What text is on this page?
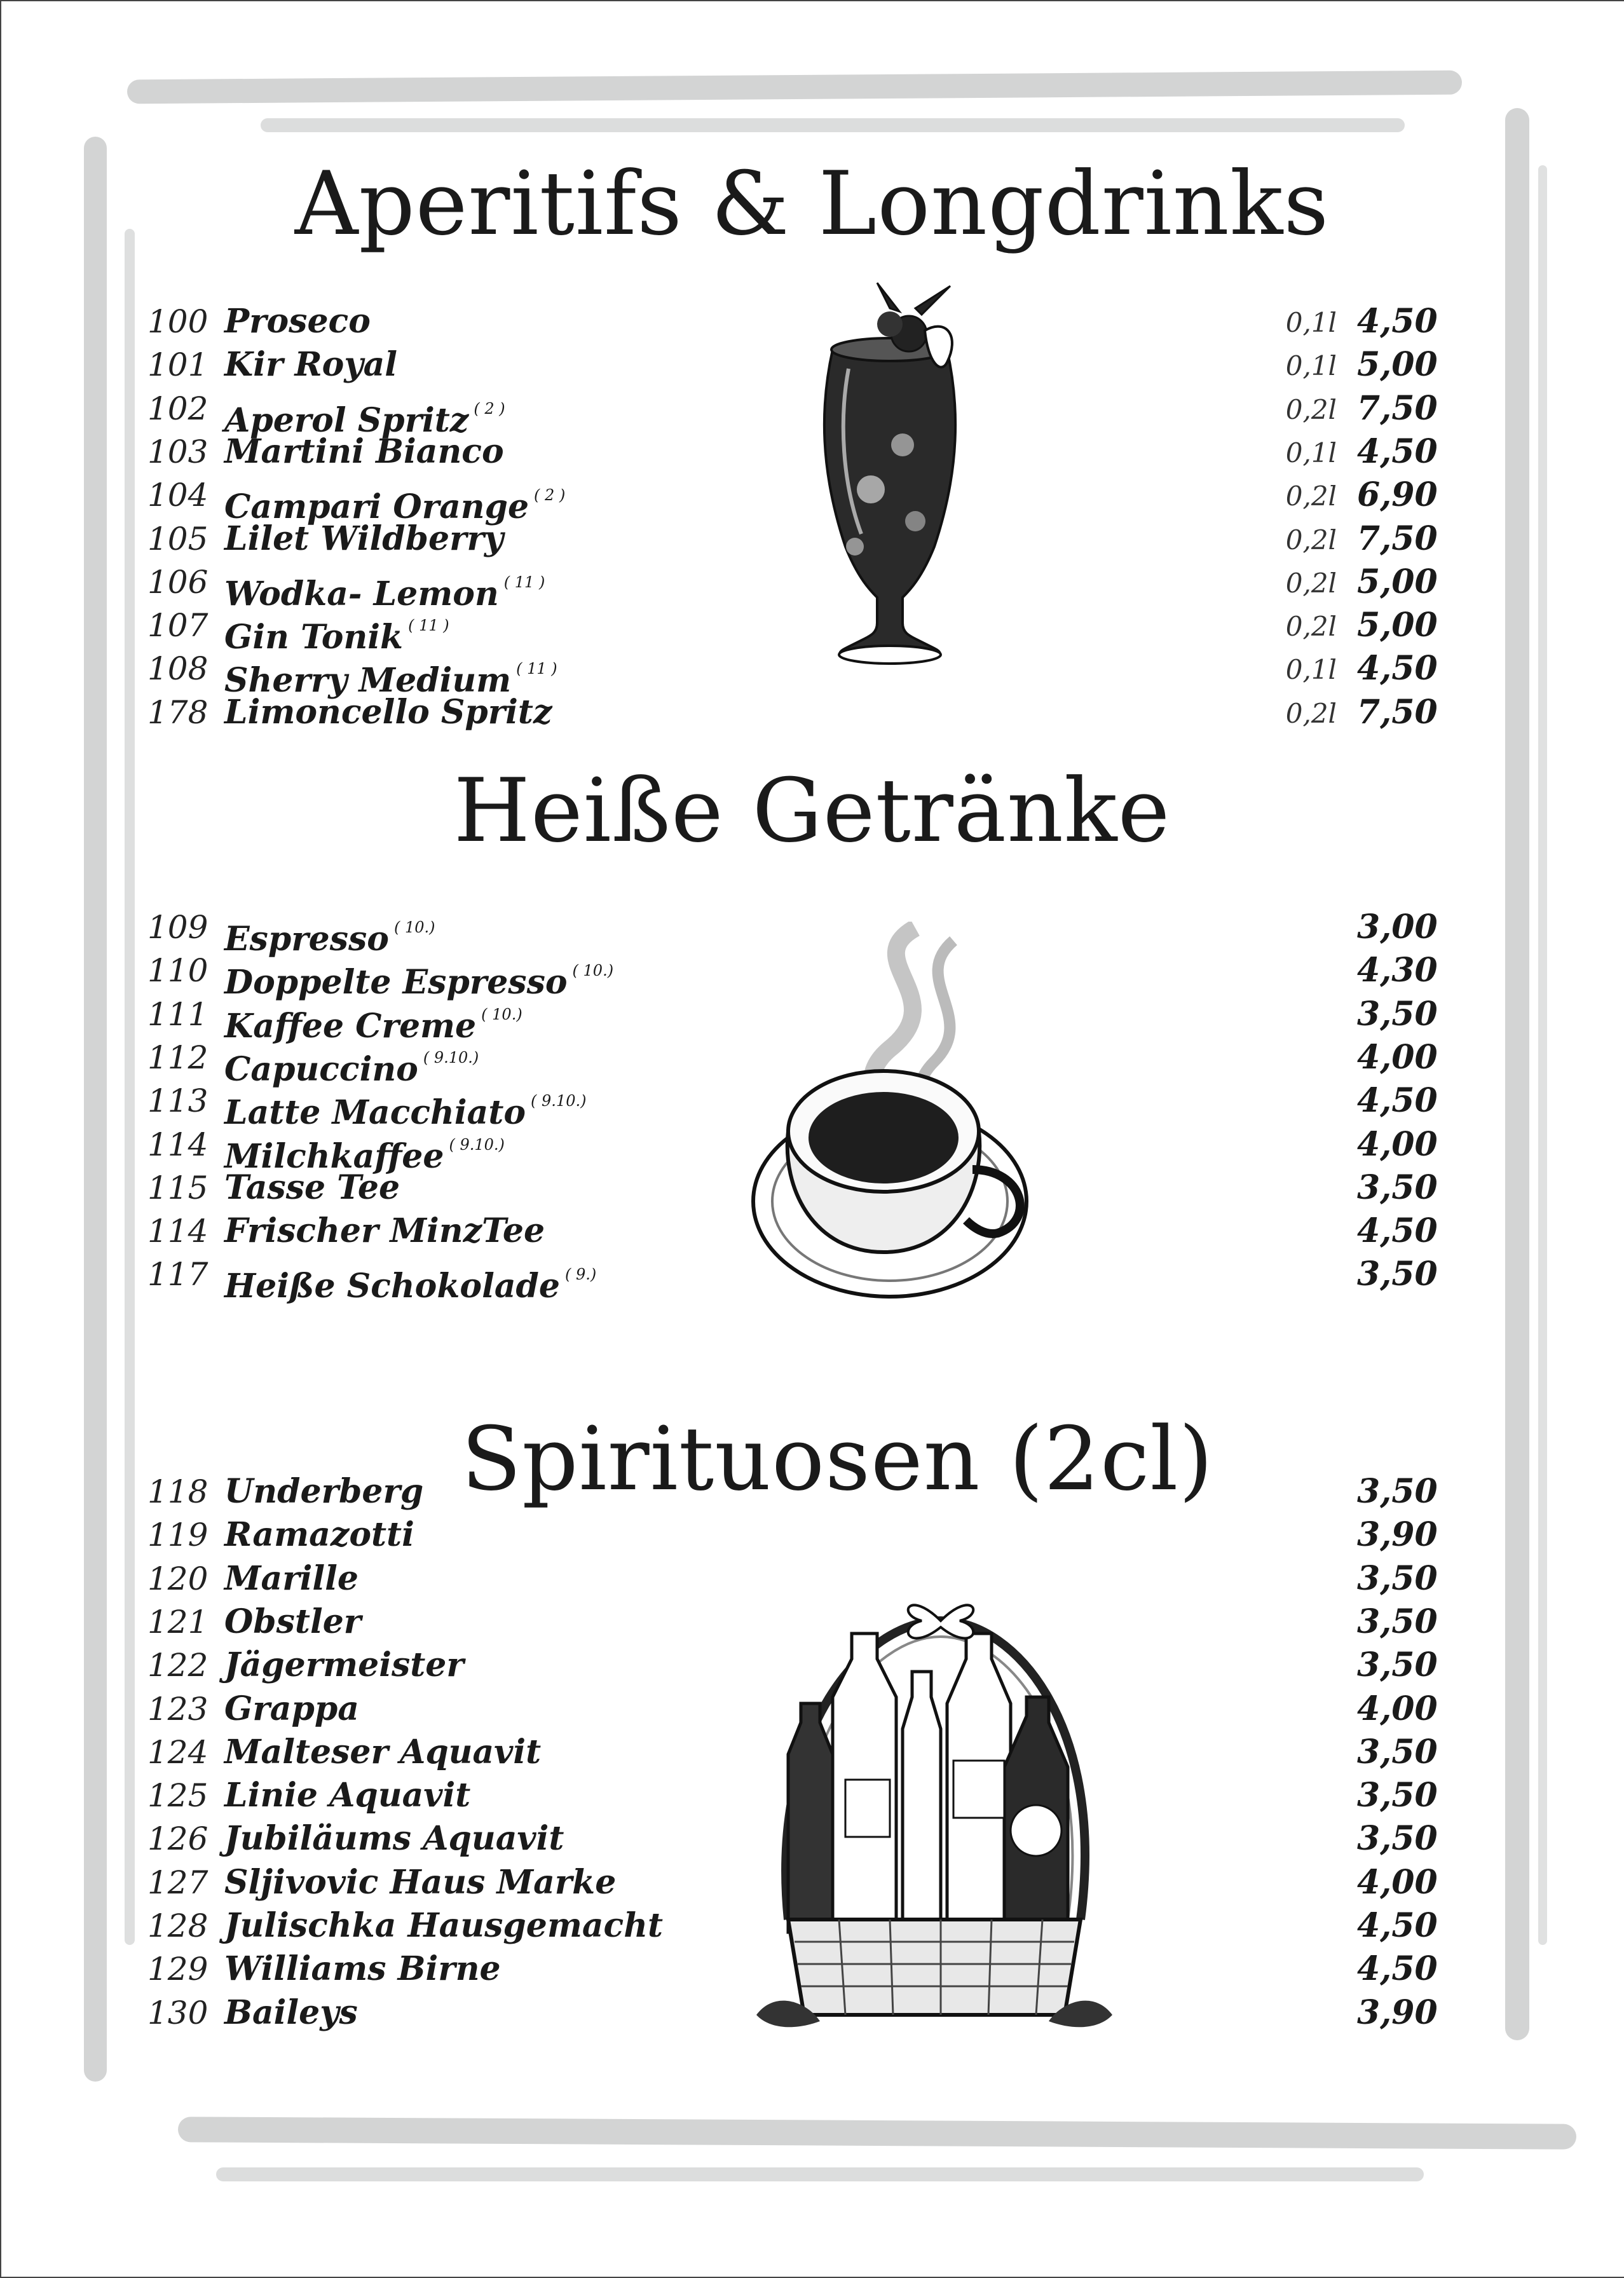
Aperitifs & Longdrinks
100 Proseco	0,1l 4,50
101 Kir Royal	0,1l 5,00
102 Aperol Spritz $^{( 2 )}$	0,2l 7,50
103 Martini Bianco	0,1l 4,50
104 Campari Orange $^{( 2 )}$	0,2l 6,90
105 Lilet Wildberry	0,2l 7,50
106 Wodka- Lemon $^{( 11 )}$	0,2l 5,00
107 Gin Tonik $^{( 11 )}$	0,2l 5,00
108 Sherry Medium $^{( 11 )}$	0,1l 4,50
178 Limoncello Spritz	0,2l 7,50
Heiße Getränke
109 Espresso $^{( 10.)}$	3,00
110 Doppelte Espresso $^{( 10.)}$	4,30
111 Kaffee Creme $^{( 10.)}$	3,50
112 Capuccino $^{( 9.10.)}$	4,00
113 Latte Macchiato $^{( 9.10.)}$	4,50
114 Milchkaffee $^{( 9.10.)}$	4,00
115 Tasse Tee	3,50
114 Frischer MinzTee	4,50
117 Heiße Schokolade $^{( 9.)}$	3,50
Spirituosen (2cl)
118 Underberg	3,50
119 Ramazotti	3,90
120 Marille	3,50
121 Obstler	3,50
122 Jägermeister	3,50
123 Grappa	4,00
124 Malteser Aquavit	3,50
125 Linie Aquavit	3,50
126 Jubiläums Aquavit	3,50
127 Sljivovic Haus Marke	4,00
128 Julischka Hausgemacht	4,50
129 Williams Birne	4,50
130 Baileys	3,90
